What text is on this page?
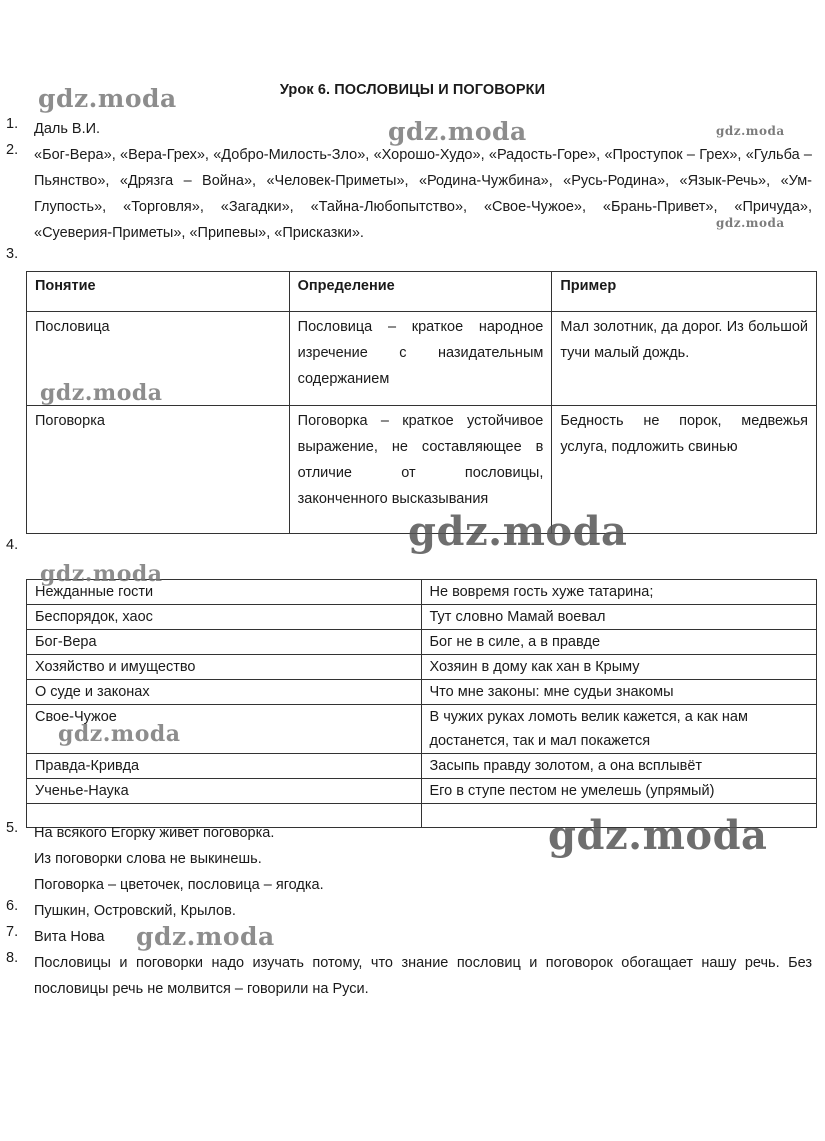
Урок 6. ПОСЛОВИЦЫ И ПОГОВОРКИ
1.	Даль В.И.
2.	«Бог-Вера», «Вера-Грех», «Добро-Милость-Зло», «Хорошо-Худо», «Радость-Горе», «Проступок – Грех», «Гульба – Пьянство», «Дрязга – Война», «Человек-Приметы», «Родина-Чужбина», «Русь-Родина», «Язык-Речь», «Ум-Глупость», «Торговля», «Загадки», «Тайна-Любопытство», «Свое-Чужое», «Брань-Привет», «Причуда», «Суеверия-Приметы», «Припевы», «Присказки».
3.
Понятие	Определение	Пример
Пословица	Пословица – краткое народное изречение с назидательным содержанием	Мал золотник, да дорог. Из большой тучи малый дождь.
Поговорка	Поговорка – краткое устойчивое выражение, не составляющее в отличие от пословицы, законченного высказывания	Бедность не порок, медвежья услуга, подложить свинью
4.
Нежданные гости	Не вовремя гость хуже татарина;
Беспорядок, хаос	Тут словно Мамай воевал
Бог-Вера	Бог не в силе, а в правде
Хозяйство и имущество	Хозяин в дому как хан в Крыму
О суде и законах	Что мне законы: мне судьи знакомы
Свое-Чужое	В чужих руках ломоть велик кажется, а как нам достанется, так и мал покажется
Правда-Кривда	Засыпь правду золотом, а она всплывёт
Ученье-Наука	Его в ступе пестом не умелешь (упрямый)

5.	На всякого Егорку живет поговорка.
Из поговорки слова не выкинешь.
Поговорка – цветочек, пословица – ягодка.
6.	Пушкин, Островский, Крылов.
7.	Вита Нова
8.	Пословицы и поговорки надо изучать потому, что знание пословиц и поговорок обогащает нашу речь. Без пословицы речь не молвится – говорили на Руси.
gdz.moda
gdz.moda	gdz.moda
gdz.moda
gdz.moda
gdz.moda
gdz.moda
gdz.moda
gdz.moda
gdz.moda
